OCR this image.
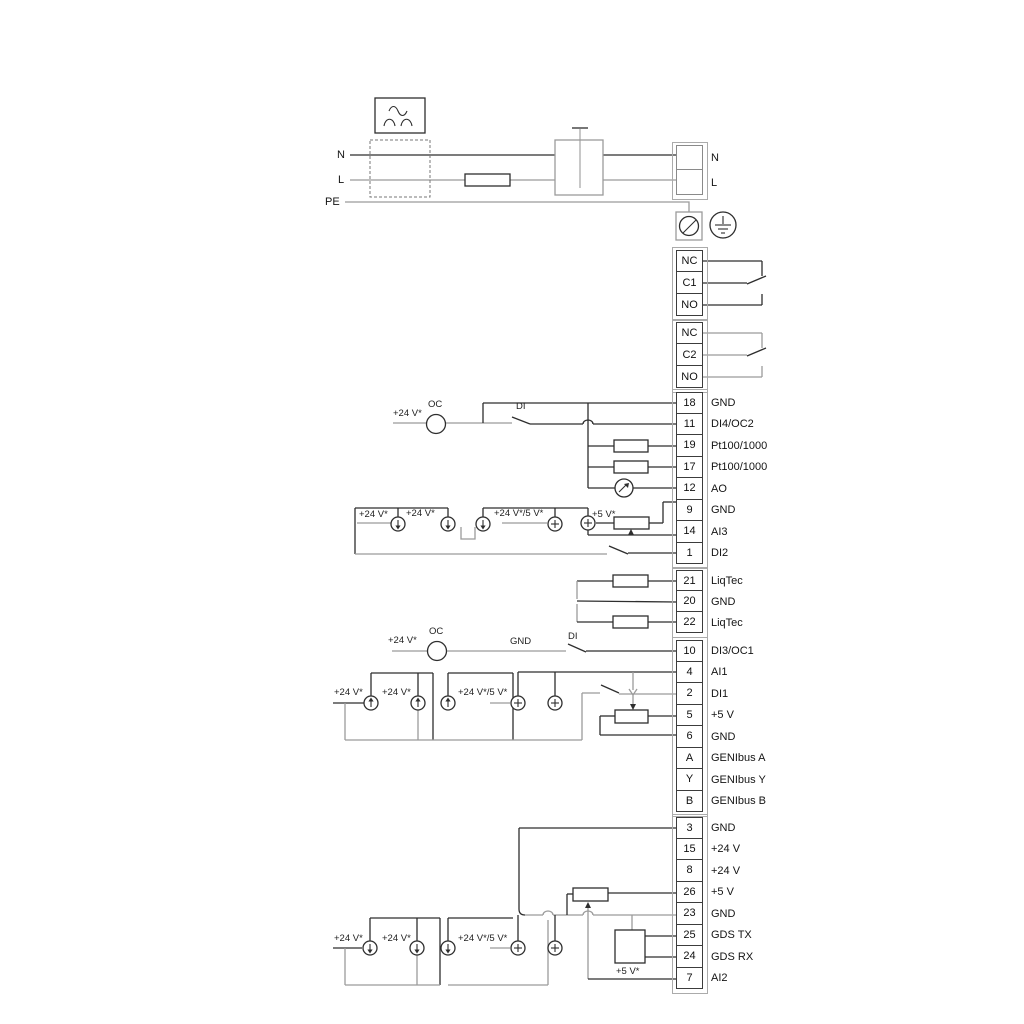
N
L
NC
C1
NO
NC
C2
NO
18	GND
11	DI4/OC2
19	Pt100/1000
17	Pt100/1000
12	AO
9	GND
14	AI3
1	DI2
21	LiqTec
20	GND
22	LiqTec
10	DI3/OC1
4	AI1
2	DI1
5	+5 V
6	GND
A	GENIbus A
Y	GENIbus Y
B	GENIbus B
3	GND
15	+24 V
8	+24 V
26	+5 V
23	GND
25	GDS TX
24	GDS RX
7	AI2
N
L
PE
+24 V*
OC	DI
+24 V* +24 V*	+24 V*/5 V*	+5 V*
+24 V*
OC
GND	DI
+24 V* +24 V*	+24 V*/5 V*
+24 V* +24 V*	+24 V*/5 V*
+5 V*
